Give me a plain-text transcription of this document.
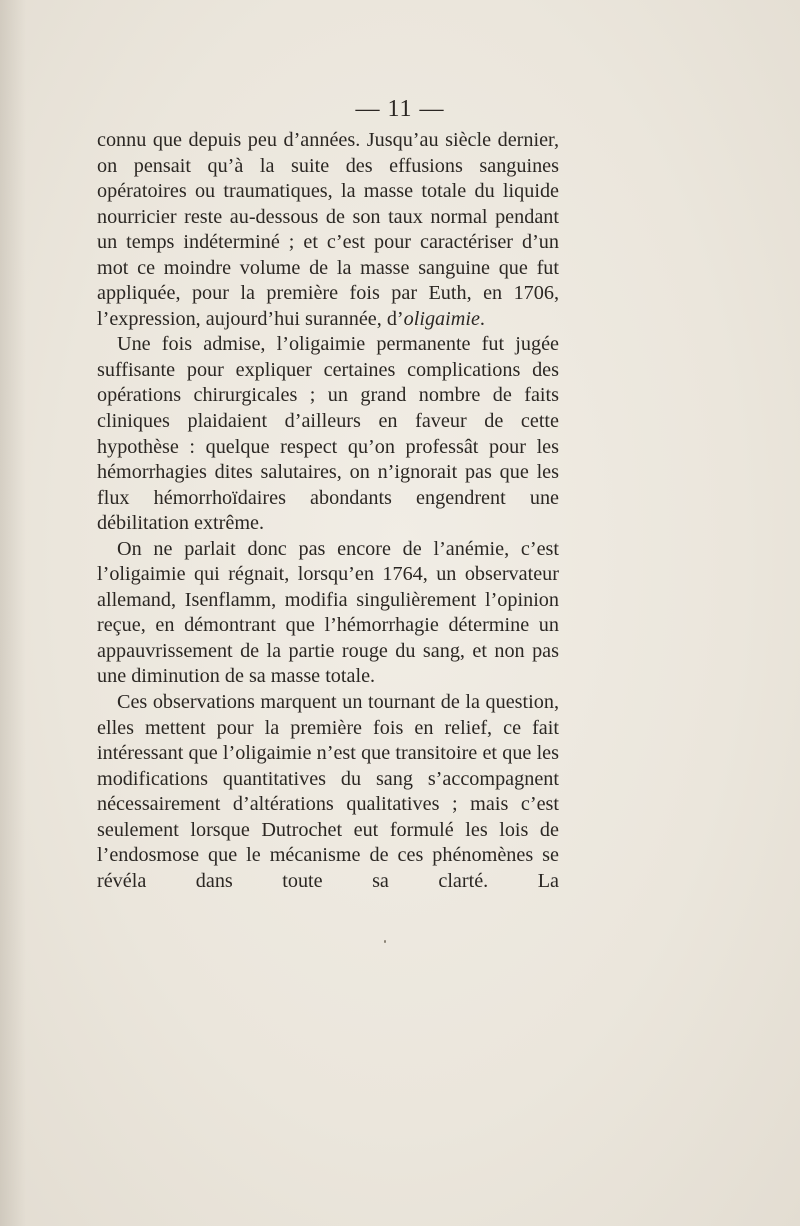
— 11 —

connu que depuis peu d’années. Jusqu’au siècle dernier, on pensait qu’à la suite des effusions sanguines opératoires ou traumatiques, la masse totale du liquide nourricier reste au-dessous de son taux normal pendant un temps indéterminé ; et c’est pour caractériser d’un mot ce moindre volume de la masse sanguine que fut appliquée, pour la première fois par Euth, en 1706, l’expression, aujourd’hui surannée, d’oligaimie.

Une fois admise, l’oligaimie permanente fut jugée suffisante pour expliquer certaines complications des opérations chirurgicales ; un grand nombre de faits cliniques plaidaient d’ailleurs en faveur de cette hypothèse : quelque respect qu’on professât pour les hémorrhagies dites salutaires, on n’ignorait pas que les flux hémorrhoïdaires abondants engendrent une débilitation extrême.

On ne parlait donc pas encore de l’anémie, c’est l’oligaimie qui régnait, lorsqu’en 1764, un observateur allemand, Isenflamm, modifia singulièrement l’opinion reçue, en démontrant que l’hémorrhagie détermine un appauvrissement de la partie rouge du sang, et non pas une diminution de sa masse totale.

Ces observations marquent un tournant de la question, elles mettent pour la première fois en relief, ce fait intéressant que l’oligaimie n’est que transitoire et que les modifications quantitatives du sang s’accompagnent nécessairement d’altérations qualitatives ; mais c’est seulement lorsque Dutrochet eut formulé les lois de l’endosmose que le mécanisme de ces phénomènes se révéla dans toute sa clarté. La
